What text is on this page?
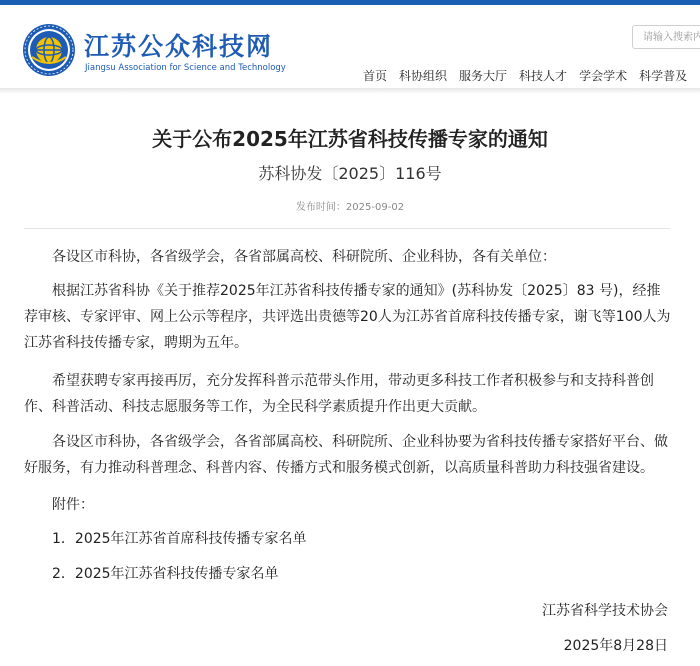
江苏公众科技网
Jiangsu Association for Science and Technology
请输入搜索内容
首页 科协组织 服务大厅 科技人才 学会学术 科学普及
关于公布2025年江苏省科技传播专家的通知
苏科协发〔2025〕116号
发布时间：2025-09-02

各设区市科协，各省级学会，各省部属高校、科研院所、企业科协，各有关单位：

根据江苏省科协《关于推荐2025年江苏省科技传播专家的通知》(苏科协发〔2025〕83 号)，经推荐审核、专家评审、网上公示等程序，共评选出贵德等20人为江苏省首席科技传播专家，谢飞等100人为江苏省科技传播专家，聘期为五年。

希望获聘专家再接再厉，充分发挥科普示范带头作用，带动更多科技工作者积极参与和支持科普创作、科普活动、科技志愿服务等工作，为全民科学素质提升作出更大贡献。

各设区市科协，各省级学会，各省部属高校、科研院所、企业科协要为省科技传播专家搭好平台、做好服务，有力推动科普理念、科普内容、传播方式和服务模式创新，以高质量科普助力科技强省建设。

附件：

1．2025年江苏省首席科技传播专家名单

2．2025年江苏省科技传播专家名单

江苏省科学技术协会
2025年8月28日
